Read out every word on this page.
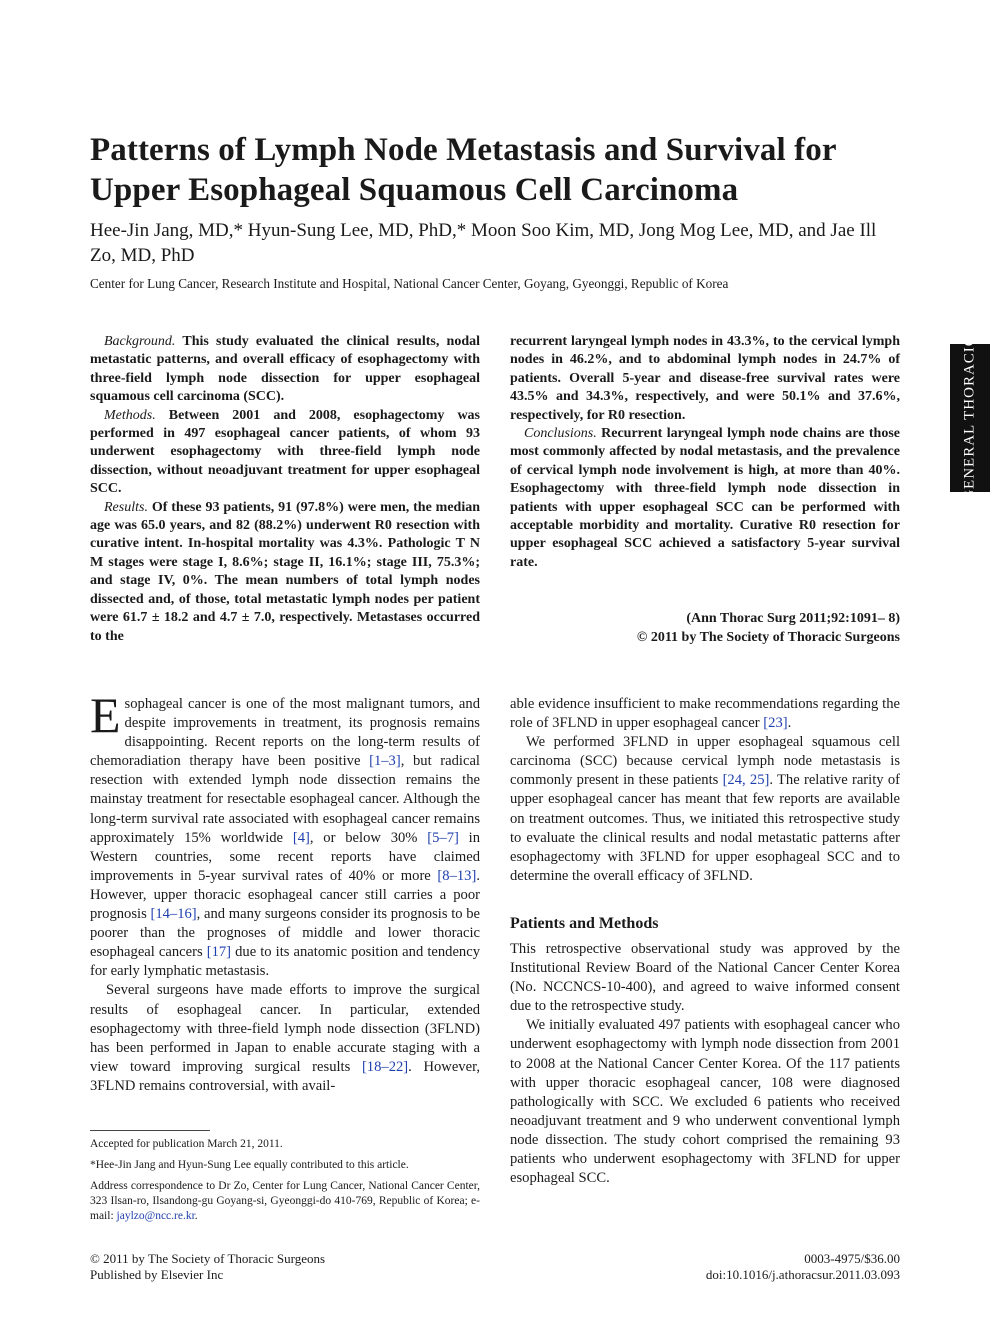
Patterns of Lymph Node Metastasis and Survival for Upper Esophageal Squamous Cell Carcinoma
Hee-Jin Jang, MD,* Hyun-Sung Lee, MD, PhD,* Moon Soo Kim, MD, Jong Mog Lee, MD, and Jae Ill Zo, MD, PhD
Center for Lung Cancer, Research Institute and Hospital, National Cancer Center, Goyang, Gyeonggi, Republic of Korea
GENERAL THORACIC

Background. This study evaluated the clinical results, nodal metastatic patterns, and overall efficacy of esophagectomy with three-field lymph node dissection for upper esophageal squamous cell carcinoma (SCC).

Methods. Between 2001 and 2008, esophagectomy was performed in 497 esophageal cancer patients, of whom 93 underwent esophagectomy with three-field lymph node dissection, without neoadjuvant treatment for upper esophageal SCC.

Results. Of these 93 patients, 91 (97.8%) were men, the median age was 65.0 years, and 82 (88.2%) underwent R0 resection with curative intent. In-hospital mortality was 4.3%. Pathologic T N M stages were stage I, 8.6%; stage II, 16.1%; stage III, 75.3%; and stage IV, 0%. The mean numbers of total lymph nodes dissected and, of those, total metastatic lymph nodes per patient were 61.7 ± 18.2 and 4.7 ± 7.0, respectively. Metastases occurred to the

recurrent laryngeal lymph nodes in 43.3%, to the cervical lymph nodes in 46.2%, and to abdominal lymph nodes in 24.7% of patients. Overall 5-year and disease-free survival rates were 43.5% and 34.3%, respectively, and were 50.1% and 37.6%, respectively, for R0 resection.

Conclusions. Recurrent laryngeal lymph node chains are those most commonly affected by nodal metastasis, and the prevalence of cervical lymph node involvement is high, at more than 40%. Esophagectomy with three-field lymph node dissection in patients with upper esophageal SCC can be performed with acceptable morbidity and mortality. Curative R0 resection for upper esophageal SCC achieved a satisfactory 5-year survival rate.

(Ann Thorac Surg 2011;92:1091– 8)
© 2011 by The Society of Thoracic Surgeons

Esophageal cancer is one of the most malignant tumors, and despite improvements in treatment, its prognosis remains disappointing. Recent reports on the long-term results of chemoradiation therapy have been positive [1–3], but radical resection with extended lymph node dissection remains the mainstay treatment for resectable esophageal cancer. Although the long-term survival rate associated with esophageal cancer remains approximately 15% worldwide [4], or below 30% [5–7] in Western countries, some recent reports have claimed improvements in 5-year survival rates of 40% or more [8–13]. However, upper thoracic esophageal cancer still carries a poor prognosis [14–16], and many surgeons consider its prognosis to be poorer than the prognoses of middle and lower thoracic esophageal cancers [17] due to its anatomic position and tendency for early lymphatic metastasis.

Several surgeons have made efforts to improve the surgical results of esophageal cancer. In particular, extended esophagectomy with three-field lymph node dissection (3FLND) has been performed in Japan to enable accurate staging with a view toward improving surgical results [18–22]. However, 3FLND remains controversial, with avail-

able evidence insufficient to make recommendations regarding the role of 3FLND in upper esophageal cancer [23].

We performed 3FLND in upper esophageal squamous cell carcinoma (SCC) because cervical lymph node metastasis is commonly present in these patients [24, 25]. The relative rarity of upper esophageal cancer has meant that few reports are available on treatment outcomes. Thus, we initiated this retrospective study to evaluate the clinical results and nodal metastatic patterns after esophagectomy with 3FLND for upper esophageal SCC and to determine the overall efficacy of 3FLND.

Patients and Methods

This retrospective observational study was approved by the Institutional Review Board of the National Cancer Center Korea (No. NCCNCS-10-400), and agreed to waive informed consent due to the retrospective study.

We initially evaluated 497 patients with esophageal cancer who underwent esophagectomy with lymph node dissection from 2001 to 2008 at the National Cancer Center Korea. Of the 117 patients with upper thoracic esophageal cancer, 108 were diagnosed pathologically with SCC. We excluded 6 patients who received neoadjuvant treatment and 9 who underwent conventional lymph node dissection. The study cohort comprised the remaining 93 patients who underwent esophagectomy with 3FLND for upper esophageal SCC.

Accepted for publication March 21, 2011.

*Hee-Jin Jang and Hyun-Sung Lee equally contributed to this article.

Address correspondence to Dr Zo, Center for Lung Cancer, National Cancer Center, 323 Ilsan-ro, Ilsandong-gu Goyang-si, Gyeonggi-do 410-769, Republic of Korea; e-mail: jaylzo@ncc.re.kr.

© 2011 by The Society of Thoracic Surgeons
Published by Elsevier Inc
0003-4975/$36.00
doi:10.1016/j.athoracsur.2011.03.093
